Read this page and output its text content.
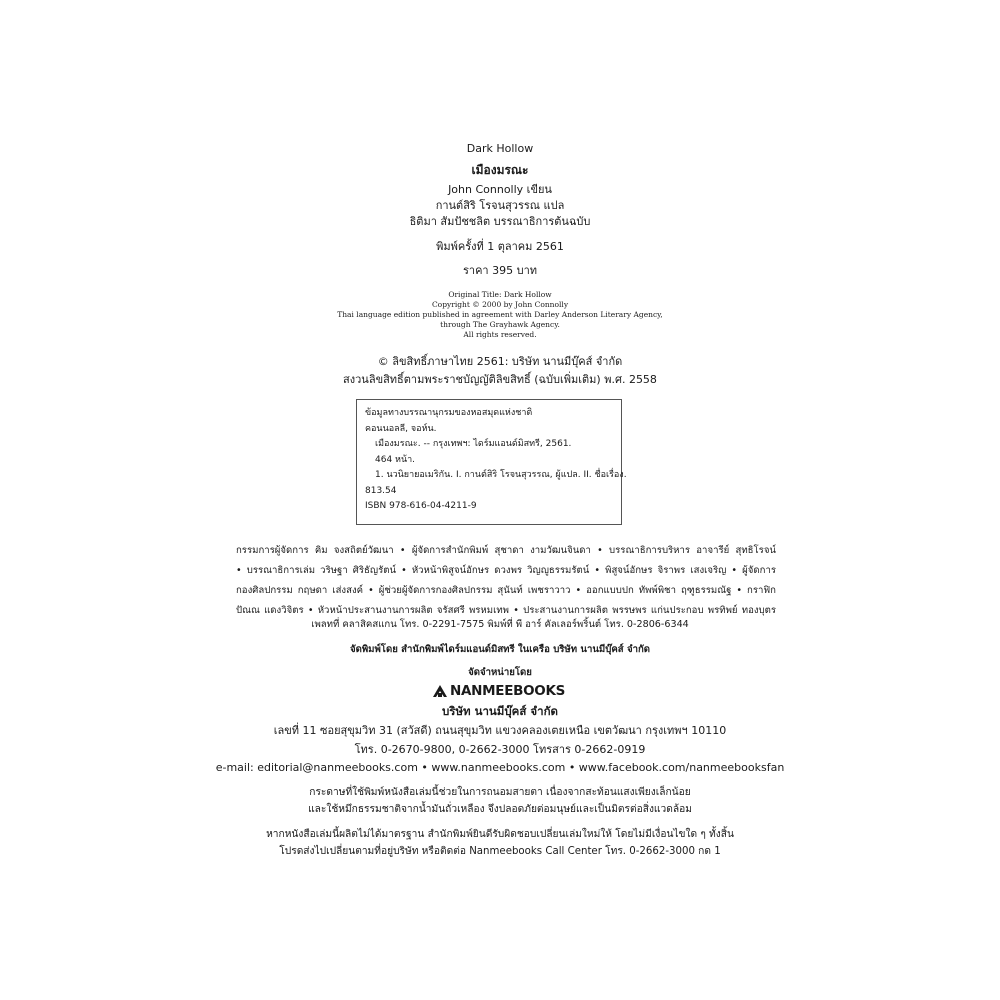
Dark Hollow
เมืองมรณะ
John Connolly เขียน
กานต์สิริ โรจนสุวรรณ แปล
ธิติมา สัมปัชชลิต บรรณาธิการต้นฉบับ
พิมพ์ครั้งที่ 1 ตุลาคม 2561
ราคา 395 บาท
Original Title: Dark Hollow
Copyright © 2000 by John Connolly
Thai language edition published in agreement with Darley Anderson Literary Agency,
through The Grayhawk Agency.
All rights reserved.
© ลิขสิทธิ์ภาษาไทย 2561: บริษัท นานมีบุ๊คส์ จำกัด
สงวนลิขสิทธิ์ตามพระราชบัญญัติลิขสิทธิ์ (ฉบับเพิ่มเติม) พ.ศ. 2558
ข้อมูลทางบรรณานุกรมของหอสมุดแห่งชาติ
คอนนอลลี, จอห์น.
เมืองมรณะ. -- กรุงเทพฯ: ไดร์มแอนด์มิสทรี, 2561.
464 หน้า.
1. นวนิยายอเมริกัน. I. กานต์สิริ โรจนสุวรรณ, ผู้แปล. II. ชื่อเรื่อง.
813.54
ISBN 978-616-04-4211-9
กรรมการผู้จัดการ คิม จงสถิตย์วัฒนา • ผู้จัดการสำนักพิมพ์ สุชาดา งามวัฒนจินดา • บรรณาธิการบริหาร อาจารีย์ สุทธิโรจน์
• บรรณาธิการเล่ม วริษฐา ศิริธัญรัตน์ • หัวหน้าพิสูจน์อักษร ดวงพร วิญญูธรรมรัตน์ • พิสูจน์อักษร จิราพร เสงเจริญ • ผู้จัดการ
กองศิลปกรรม กฤษดา เส่งสงค์ • ผู้ช่วยผู้จัดการกองศิลปกรรม สุนันท์ เพชราวาว • ออกแบบปก ทัพพ์พิชา ฤฑูธรรมณัฐ • กราฟิก
ปัณณ แดงวิจิตร • หัวหน้าประสานงานการผลิต จรัสศรี พรหมเทพ • ประสานงานการผลิต พรรษพร แก่นประกอบ พรทิพย์ ทองบุตร
เพลทที่ คลาสิคสแกน โทร. 0-2291-7575 พิมพ์ที่ พี อาร์ คัลเลอร์พริ้นต์ โทร. 0-2806-6344
จัดพิมพ์โดย สำนักพิมพ์ไดร์มแอนด์มิสทรี ในเครือ บริษัท นานมีบุ๊คส์ จำกัด
จัดจำหน่ายโดย
NANMEEBOOKS
บริษัท นานมีบุ๊คส์ จำกัด
เลขที่ 11 ซอยสุขุมวิท 31 (สวัสดี) ถนนสุขุมวิท แขวงคลองเตยเหนือ เขตวัฒนา กรุงเทพฯ 10110
โทร. 0-2670-9800, 0-2662-3000 โทรสาร 0-2662-0919
e-mail: editorial@nanmeebooks.com • www.nanmeebooks.com • www.facebook.com/nanmeebooksfan
กระดาษที่ใช้พิมพ์หนังสือเล่มนี้ช่วยในการถนอมสายตา เนื่องจากสะท้อนแสงเพียงเล็กน้อย
และใช้หมึกธรรมชาติจากน้ำมันถั่วเหลือง จึงปลอดภัยต่อมนุษย์และเป็นมิตรต่อสิ่งแวดล้อม
หากหนังสือเล่มนี้ผลิตไม่ได้มาตรฐาน สำนักพิมพ์ยินดีรับผิดชอบเปลี่ยนเล่มใหม่ให้ โดยไม่มีเงื่อนไขใด ๆ ทั้งสิ้น
โปรดส่งไปเปลี่ยนตามที่อยู่บริษัท หรือติดต่อ Nanmeebooks Call Center โทร. 0-2662-3000 กด 1
